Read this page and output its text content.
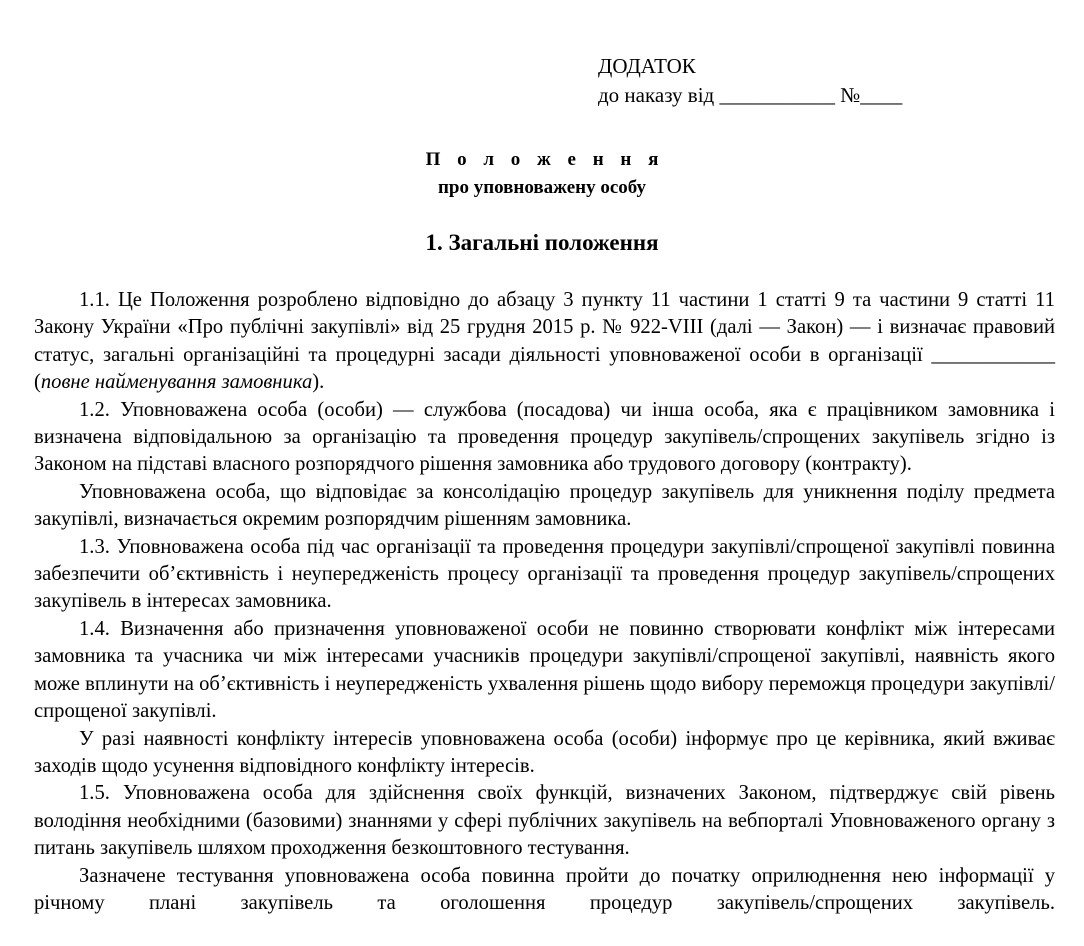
ДОДАТОК
до наказу від ___________ №____
П о л о ж е н н я
про уповноважену особу
1. Загальні положення

1.1. Це Положення розроблено відповідно до абзацу 3 пункту 11 частини 1 статті 9 та частини 9 статті 11 Закону України «Про публічні закупівлі» від 25 грудня 2015 р. № 922-VIII (далі — Закон) — і визначає правовий статус, загальні організаційні та процедурні засади діяльності уповноваженої особи в організації ____________ (повне найменування замовника).

1.2. Уповноважена особа (особи) — службова (посадова) чи інша особа, яка є працівником замовника і визначена відповідальною за організацію та проведення процедур закупівель/спрощених закупівель згідно із Законом на підставі власного розпорядчого рішення замовника або трудового договору (контракту).

Уповноважена особа, що відповідає за консолідацію процедур закупівель для уникнення поділу предмета закупівлі, визначається окремим розпорядчим рішенням замовника.

1.3. Уповноважена особа під час організації та проведення процедури закупівлі/спрощеної закупівлі повинна забезпечити об’єктивність і неупередженість процесу організації та проведення процедур закупівель/спрощених закупівель в інтересах замовника.

1.4. Визначення або призначення уповноваженої особи не повинно створювати конфлікт між інтересами замовника та учасника чи між інтересами учасників процедури закупівлі/спрощеної закупівлі, наявність якого може вплинути на об’єктивність і неупередженість ухвалення рішень щодо вибору переможця процедури закупівлі/спрощеної закупівлі.

У разі наявності конфлікту інтересів уповноважена особа (особи) інформує про це керівника, який вживає заходів щодо усунення відповідного конфлікту інтересів.

1.5. Уповноважена особа для здійснення своїх функцій, визначених Законом, підтверджує свій рівень володіння необхідними (базовими) знаннями у сфері публічних закупівель на вебпорталі Уповноваженого органу з питань закупівель шляхом проходження безкоштовного тестування.

Зазначене тестування уповноважена особа повинна пройти до початку оприлюднення нею інформації у річному плані закупівель та оголошення процедур закупівель/спрощених закупівель.
